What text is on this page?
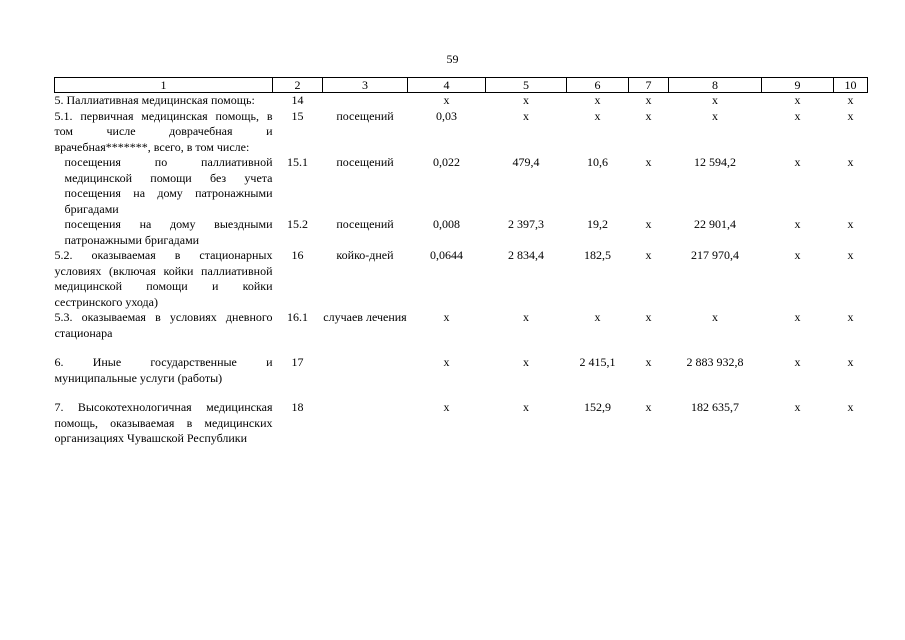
59
1	2	3	4	5	6	7	8	9	10
5. Паллиативная медицинская помощь:	14		x	x	x	x	x	x	x
5.1. первичная медицинская помощь, в том числе доврачебная и врачебная*******, всего, в том числе:	15	посещений	0,03	x	x	x	x	x	x
посещения по паллиативной медицинской помощи без учета посещения на дому патронажными бригадами	15.1	посещений	0,022	479,4	10,6	x	12 594,2	x	x
посещения на дому выездными патронажными бригадами	15.2	посещений	0,008	2 397,3	19,2	x	22 901,4	x	x
5.2. оказываемая в стационарных условиях (включая койки паллиативной медицинской помощи и койки сестринского ухода)	16	койко-дней	0,0644	2 834,4	182,5	x	217 970,4	x	x
5.3. оказываемая в условиях дневного стационара	16.1	случаев лечения	x	x	x	x	x	x	x

6. Иные государственные и муниципальные услуги (работы)	17		x	x	2 415,1	x	2 883 932,8	x	x

7. Высокотехнологичная медицинская помощь, оказываемая в медицинских организациях Чувашской Республики	18		x	x	152,9	x	182 635,7	x	x
